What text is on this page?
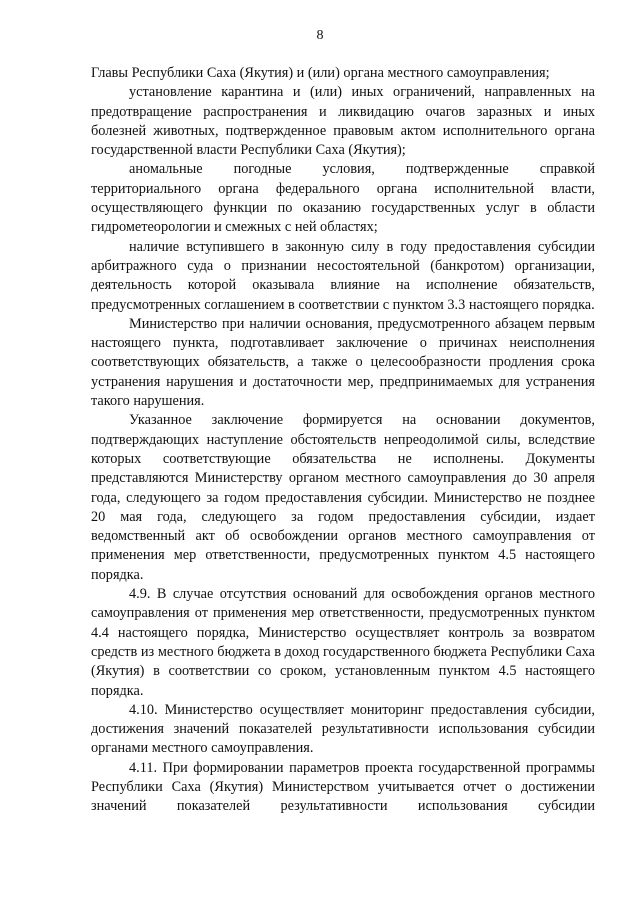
8

Главы Республики Саха (Якутия) и (или) органа местного самоуправления;

установление карантина и (или) иных ограничений, направленных на предотвращение распространения и ликвидацию очагов заразных и иных болезней животных, подтвержденное правовым актом исполнительного органа государственной власти Республики Саха (Якутия);

аномальные погодные условия, подтвержденные справкой территориального органа федерального органа исполнительной власти, осуществляющего функции по оказанию государственных услуг в области гидрометеорологии и смежных с ней областях;

наличие вступившего в законную силу в году предоставления субсидии арбитражного суда о признании несостоятельной (банкротом) организации, деятельность которой оказывала влияние на исполнение обязательств, предусмотренных соглашением в соответствии с пунктом 3.3 настоящего порядка.

Министерство при наличии основания, предусмотренного абзацем первым настоящего пункта, подготавливает заключение о причинах неисполнения соответствующих обязательств, а также о целесообразности продления срока устранения нарушения и достаточности мер, предпринимаемых для устранения такого нарушения.

Указанное заключение формируется на основании документов, подтверждающих наступление обстоятельств непреодолимой силы, вследствие которых соответствующие обязательства не исполнены. Документы представляются Министерству органом местного самоуправления до 30 апреля года, следующего за годом предоставления субсидии. Министерство не позднее 20 мая года, следующего за годом предоставления субсидии, издает ведомственный акт об освобождении органов местного самоуправления от применения мер ответственности, предусмотренных пунктом 4.5 настоящего порядка.

4.9. В случае отсутствия оснований для освобождения органов местного самоуправления от применения мер ответственности, предусмотренных пунктом 4.4 настоящего порядка, Министерство осуществляет контроль за возвратом средств из местного бюджета в доход государственного бюджета Республики Саха (Якутия) в соответствии со сроком, установленным пунктом 4.5 настоящего порядка.

4.10. Министерство осуществляет мониторинг предоставления субсидии, достижения значений показателей результативности использования субсидии органами местного самоуправления.

4.11. При формировании параметров проекта государственной программы Республики Саха (Якутия) Министерством учитывается отчет о достижении значений показателей результативности использования субсидии
